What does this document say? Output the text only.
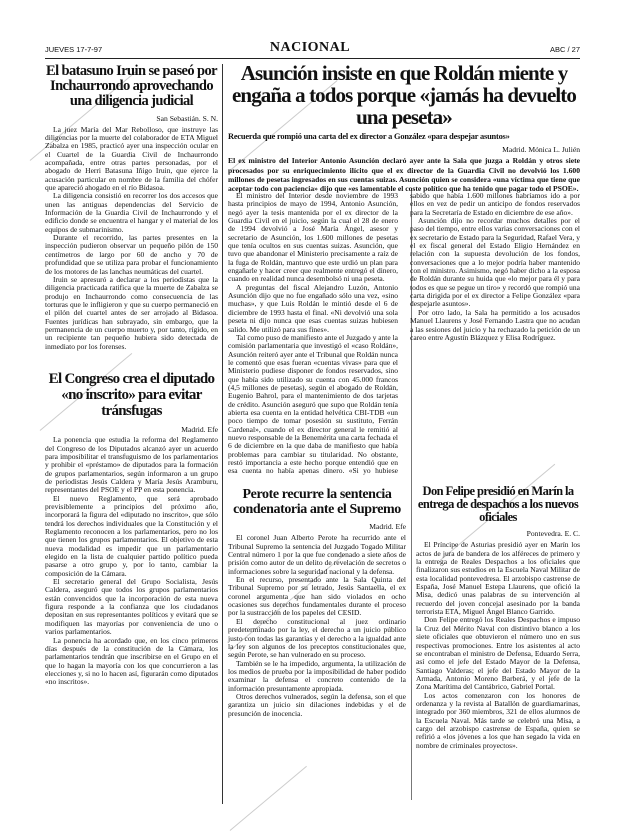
JUEVES 17-7-97	NACIONAL	ABC / 27
El batasuno Iruin se paseó por Inchaurrondo aprovechando una diligencia judicial
San Sebastián. S. N.

La juez María del Mar Rebolloso, que instruye las diligencias por la muerte del colaborador de ETA Miguel Zabalza en 1985, practicó ayer una inspección ocular en el Cuartel de la Guardia Civil de Inchaurrondo acompañada, entre otras partes personadas, por el abogado de Herri Batasuna Iñigo Iruin, que ejerce la acusación particular en nombre de la familia del chófer que apareció ahogado en el río Bidasoa.

La diligencia consistió en recorrer los dos accesos que unen las antiguas dependencias del Servicio de Información de la Guardia Civil de Inchaurrondo y el edificio donde se encuentra el hangar y el material de los equipos de submarinismo.

Durante el recorrido, las partes presentes en la inspección pudieron observar un pequeño pilón de 150 centímetros de largo por 60 de ancho y 70 de profundidad que se utiliza para probar el funcionamiento de los motores de las lanchas neumáticas del cuartel.

Iruin se apresuró a declarar a los periodistas que la diligencia practicada ratifica que la muerte de Zabalza se produjo en Inchaurrondo como consecuencia de las torturas que le infligieron y que su cuerpo permaneció en el pilón del cuartel antes de ser arrojado al Bidasoa. Fuentes jurídicas han subrayado, sin embargo, que la permanencia de un cuerpo muerto y, por tanto, rígido, en un recipiente tan pequeño hubiera sido detectada de inmediato por los forenses.

El Congreso crea el diputado «no inscrito» para evitar tránsfugas
Madrid. Efe

La ponencia que estudia la reforma del Reglamento del Congreso de los Diputados alcanzó ayer un acuerdo para imposibilitar el transfuguismo de los parlamentarios y prohibir el «préstamo» de diputados para la formación de grupos parlamentarios, según informaron a un grupo de periodistas Jesús Caldera y María Jesús Aramburu, representantes del PSOE y el PP en esta ponencia.

El nuevo Reglamento, que será aprobado previsiblemente a principios del próximo año, incorporará la figura del «diputado no inscrito», que sólo tendrá los derechos individuales que la Constitución y el Reglamento reconocen a los parlamentarios, pero no los que tienen los grupos parlamentarios. El objetivo de esta nueva modalidad es impedir que un parlamentario elegido en la lista de cualquier partido político pueda pasarse a otro grupo y, por lo tanto, cambiar la composición de la Cámara.

El secretario general del Grupo Socialista, Jesús Caldera, aseguró que todos los grupos parlamentarios están convencidos que la incorporación de esta nueva figura responde a la confianza que los ciudadanos depositan en sus representantes políticos y evitará que se modifiquen las mayorías por conveniencia de uno o varios parlamentarios.

La ponencia ha acordado que, en los cinco primeros días después de la constitución de la Cámara, los parlamentarios tendrán que inscribirse en el Grupo en el que lo hagan la mayoría con los que concurrieron a las elecciones y, si no lo hacen así, figurarán como diputados «no inscritos».

Asunción insiste en que Roldán miente y engaña a todos porque «jamás ha devuelto una peseta»
Recuerda que rompió una carta del ex director a González «para despejar asuntos»
Madrid. Mónica L. Julién
El ex ministro del Interior Antonio Asunción declaró ayer ante la Sala que juzga a Roldán y otros siete procesados por su enriquecimiento ilícito que el ex director de la Guardia Civil no devolvió los 1.600 millones de pesetas ingresados en sus cuentas suizas. Asunción quien se considera «una víctima que tiene que aceptar todo con paciencia» dijo que «es lamentable el coste político que ha tenido que pagar todo el PSOE».

El ministro del Interior desde noviembre de 1993 hasta principios de mayo de 1994, Antonio Asunción, negó ayer la tesis mantenida por el ex director de la Guardia Civil en el juicio, según la cual el 28 de enero de 1994 devolvió a José María Ángel, asesor y secretario de Asunción, los 1.600 millones de pesetas que tenía ocultos en sus cuentas suizas. Asunción, que tuvo que abandonar el Ministerio precisamente a raíz de la fuga de Roldán, mantuvo que este urdió un plan para engañarle y hacer creer que realmente entregó el dinero, cuando en realidad nunca desembolsó ni una peseta.

A preguntas del fiscal Alejandro Luzón, Antonio Asunción dijo que no fue engañado sólo una vez, «sino muchas», y que Luis Roldán le mintió desde el 6 de diciembre de 1993 hasta el final. «Ni devolvió una sola peseta ni dijo nunca que esas cuentas suizas hubiesen salido. Me utilizó para sus fines».

Tal como puso de manifiesto ante el Juzgado y ante la comisión parlamentaria que investigó el «caso Roldán», Asunción reiteró ayer ante el Tribunal que Roldán nunca le comentó que esas fueran «cuentas vivas» para que el Ministerio pudiese disponer de fondos reservados, sino que había sido utilizado su cuenta con 45.000 francos (4,5 millones de pesetas), según el abogado de Roldán, Eugenio Bahrol, para el mantenimiento de dos tarjetas de crédito. Asunción aseguró que supo que Roldán tenía abierta esa cuenta en la entidad helvética CBI-TDB «un poco tiempo de tomar posesión su sustituto, Ferrán Cardenal», cuando el ex director general le remitió al nuevo responsable de la Benemérita una carta fechada el 6 de diciembre en la que daba de manifiesto que había problemas para cambiar su titularidad. No obstante, restó importancia a este hecho porque entendió que en esa cuenta no había apenas dinero. «Si yo hubiese sabido que había 1.600 millones habríamos ido a por ellos en vez de pedir un anticipo de fondos reservados para la Secretaría de Estado en diciembre de ese año».

Asunción dijo no recordar muchos detalles por el paso del tiempo, entre ellos varias conversaciones con el ex secretario de Estado para la Seguridad, Rafael Vera, y el ex fiscal general del Estado Eligio Hernández en relación con la supuesta devolución de los fondos, conversaciones que a lo mejor podría haber mantenido con el ministro. Asimismo, negó haber dicho a la esposa de Roldán durante su huida que «lo mejor para él y para todos es que se pegue un tiro» y recordó que rompió una carta dirigida por el ex director a Felipe González «para despejarle asuntos».

Por otro lado, la Sala ha permitido a los acusados Manuel Llaurens y José Fernando Lastra que no acudan a las sesiones del juicio y ha rechazado la petición de un careo entre Agustín Blázquez y Elisa Rodríguez.

Perote recurre la sentencia condenatoria ante el Supremo
Madrid. Efe

El coronel Juan Alberto Perote ha recurrido ante el Tribunal Supremo la sentencia del Juzgado Togado Militar Central número 1 por la que fue condenado a siete años de prisión como autor de un delito de revelación de secretos o informaciones sobre la seguridad nacional y la defensa.

En el recurso, presentado ante la Sala Quinta del Tribunal Supremo por su letrado, Jesús Santaella, el ex coronel argumenta que han sido violados en ocho ocasiones sus derechos fundamentales durante el proceso por la sustracción de los papeles del CESID.

El derecho constitucional al juez ordinario predeterminado por la ley, el derecho a un juicio público justo con todas las garantías y el derecho a la igualdad ante la ley son algunos de los preceptos constitucionales que, según Perote, se han vulnerado en su proceso.

También se le ha impedido, argumenta, la utilización de los medios de prueba por la imposibilidad de haber podido examinar la defensa el concreto contenido de la información presuntamente apropiada.

Otros derechos vulnerados, según la defensa, son el que garantiza un juicio sin dilaciones indebidas y el de presunción de inocencia.

Don Felipe presidió en Marín la entrega de despachos a los nuevos oficiales
Pontevedra. E. C.

El Príncipe de Asturias presidió ayer en Marín los actos de jura de bandera de los alféreces de primero y la entrega de Reales Despachos a los oficiales que finalizaron sus estudios en la Escuela Naval Militar de esta localidad pontevedresa. El arzobispo castrense de España, José Manuel Estepa Llaurens, que ofició la Misa, dedicó unas palabras de su intervención al recuerdo del joven concejal asesinado por la banda terrorista ETA, Miguel Ángel Blanco Garrido.

Don Felipe entregó los Reales Despachos e impuso la Cruz del Mérito Naval con distintivo blanco a los siete oficiales que obtuvieron el número uno en sus respectivas promociones. Entre los asistentes al acto se encontraban el ministro de Defensa, Eduardo Serra, así como el jefe del Estado Mayor de la Defensa, Santiago Valderas; el jefe del Estado Mayor de la Armada, Antonio Moreno Barberá, y el jefe de la Zona Marítima del Cantábrico, Gabriel Portal.

Los actos comenzaron con los honores de ordenanza y la revista al Batallón de guardiamarinas, integrado por 360 miembros, 321 de ellos alumnos de la Escuela Naval. Más tarde se celebró una Misa, a cargo del arzobispo castrense de España, quien se refirió a «los jóvenes a los que han segado la vida en nombre de criminales proyectos».
